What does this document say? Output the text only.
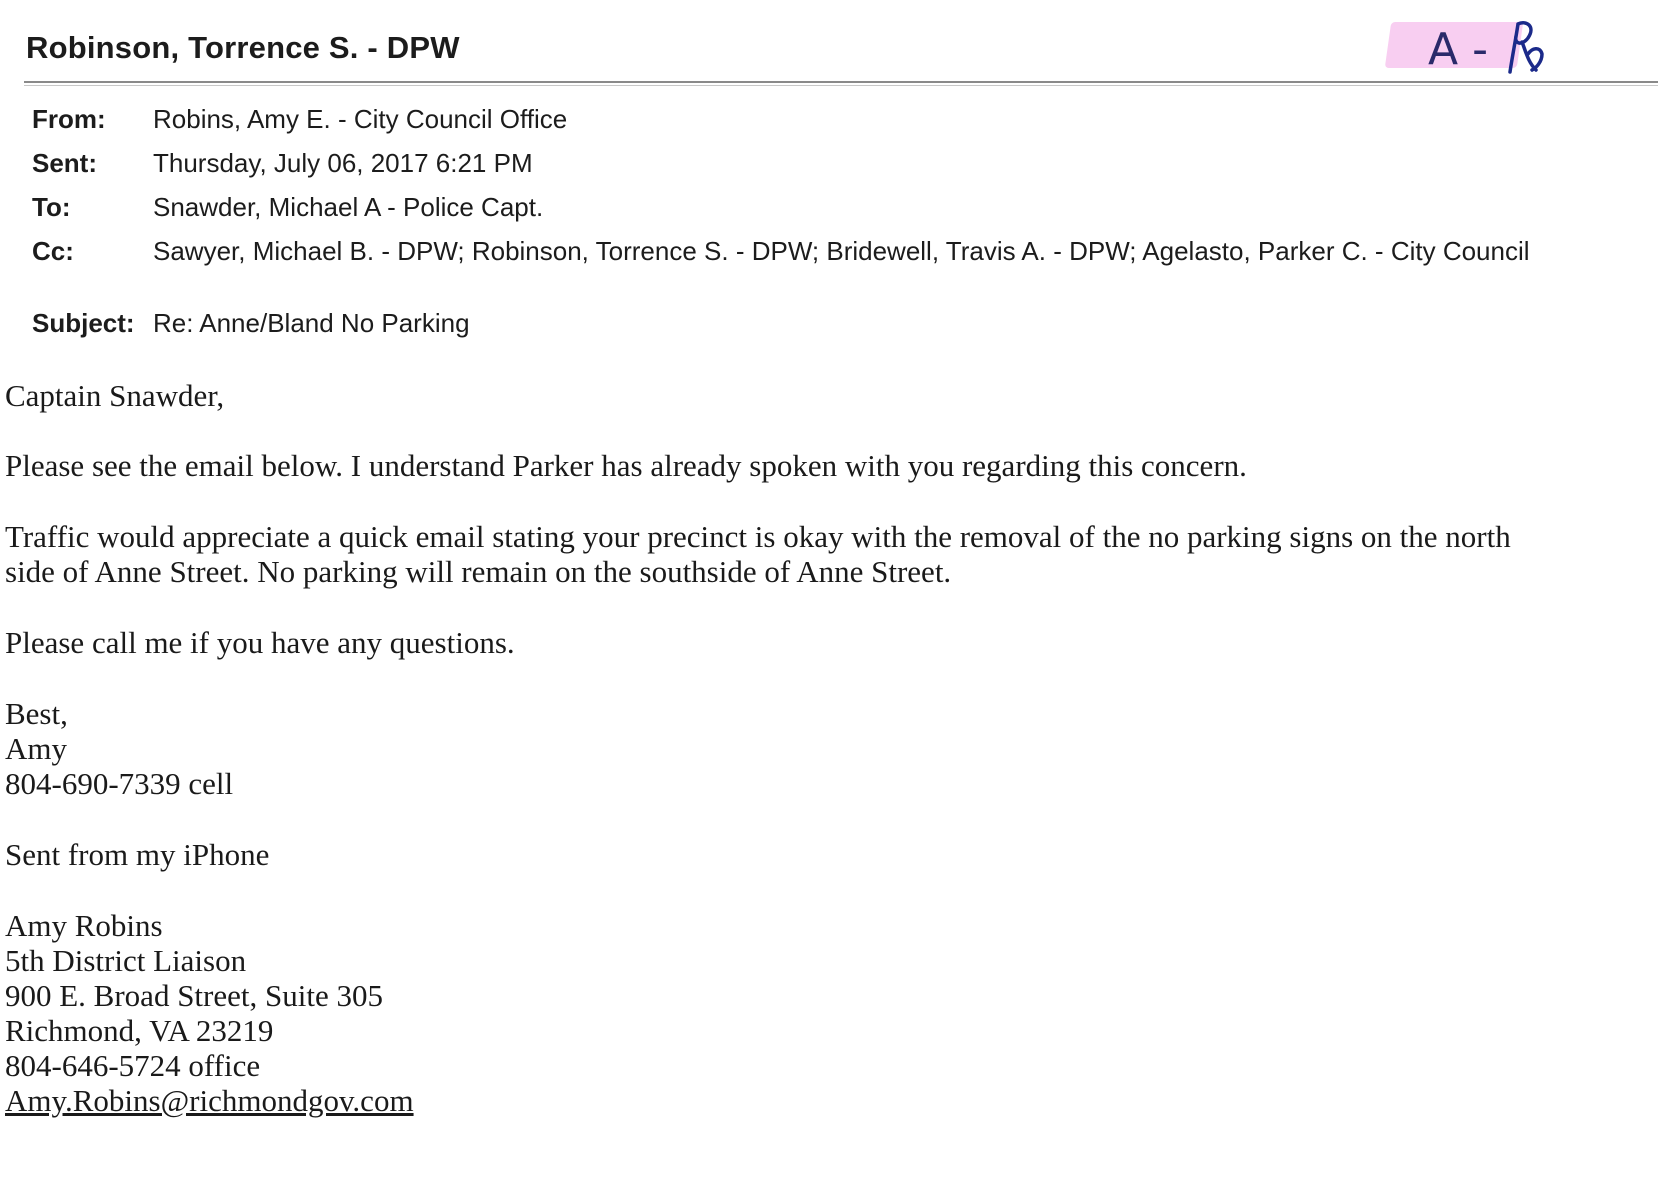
Robinson, Torrence S. - DPW	A -
From: Robins, Amy E. - City Council Office
Sent: Thursday, July 06, 2017 6:21 PM
To:	Snawder, Michael A - Police Capt.
Cc:	Sawyer, Michael B. - DPW; Robinson, Torrence S. - DPW; Bridewell, Travis A. - DPW; Agelasto, Parker C. - City Council
Subject: Re: Anne/Bland No Parking
Captain Snawder,
Please see the email below. I understand Parker has already spoken with you regarding this concern.
Traffic would appreciate a quick email stating your precinct is okay with the removal of the no parking signs on the north
side of Anne Street. No parking will remain on the southside of Anne Street.
Please call me if you have any questions.
Best,
Amy
804-690-7339 cell
Sent from my iPhone
Amy Robins
5th District Liaison
900 E. Broad Street, Suite 305
Richmond, VA 23219
804-646-5724 office
Amy.Robins@richmondgov.com
